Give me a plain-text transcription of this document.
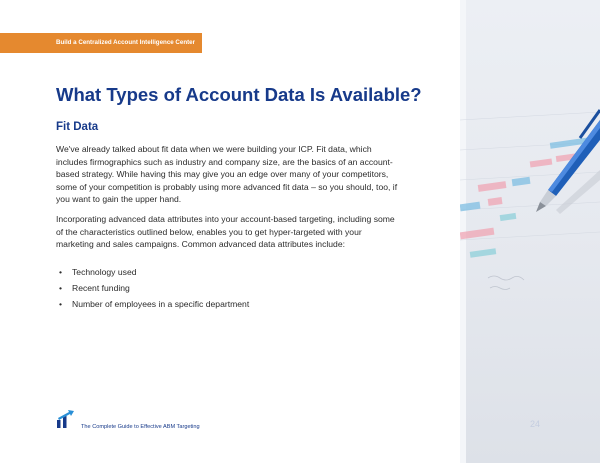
Build a Centralized Account Intelligence Center
What Types of Account Data Is Available?
Fit Data

We've already talked about fit data when we were building your ICP. Fit data, which includes firmographics such as industry and company size, are the basics of an account-based strategy. While having this may give you an edge over many of your competitors, some of your competition is probably using more advanced fit data – so you should, too, if you want to gain the upper hand.

Incorporating advanced data attributes into your account-based targeting, including some of the characteristics outlined below, enables you to get hyper-targeted with your marketing and sales campaigns. Common advanced data attributes include:

• Technology used
• Recent funding
• Number of employees in a specific department
The Complete Guide to Effective ABM Targeting	24
